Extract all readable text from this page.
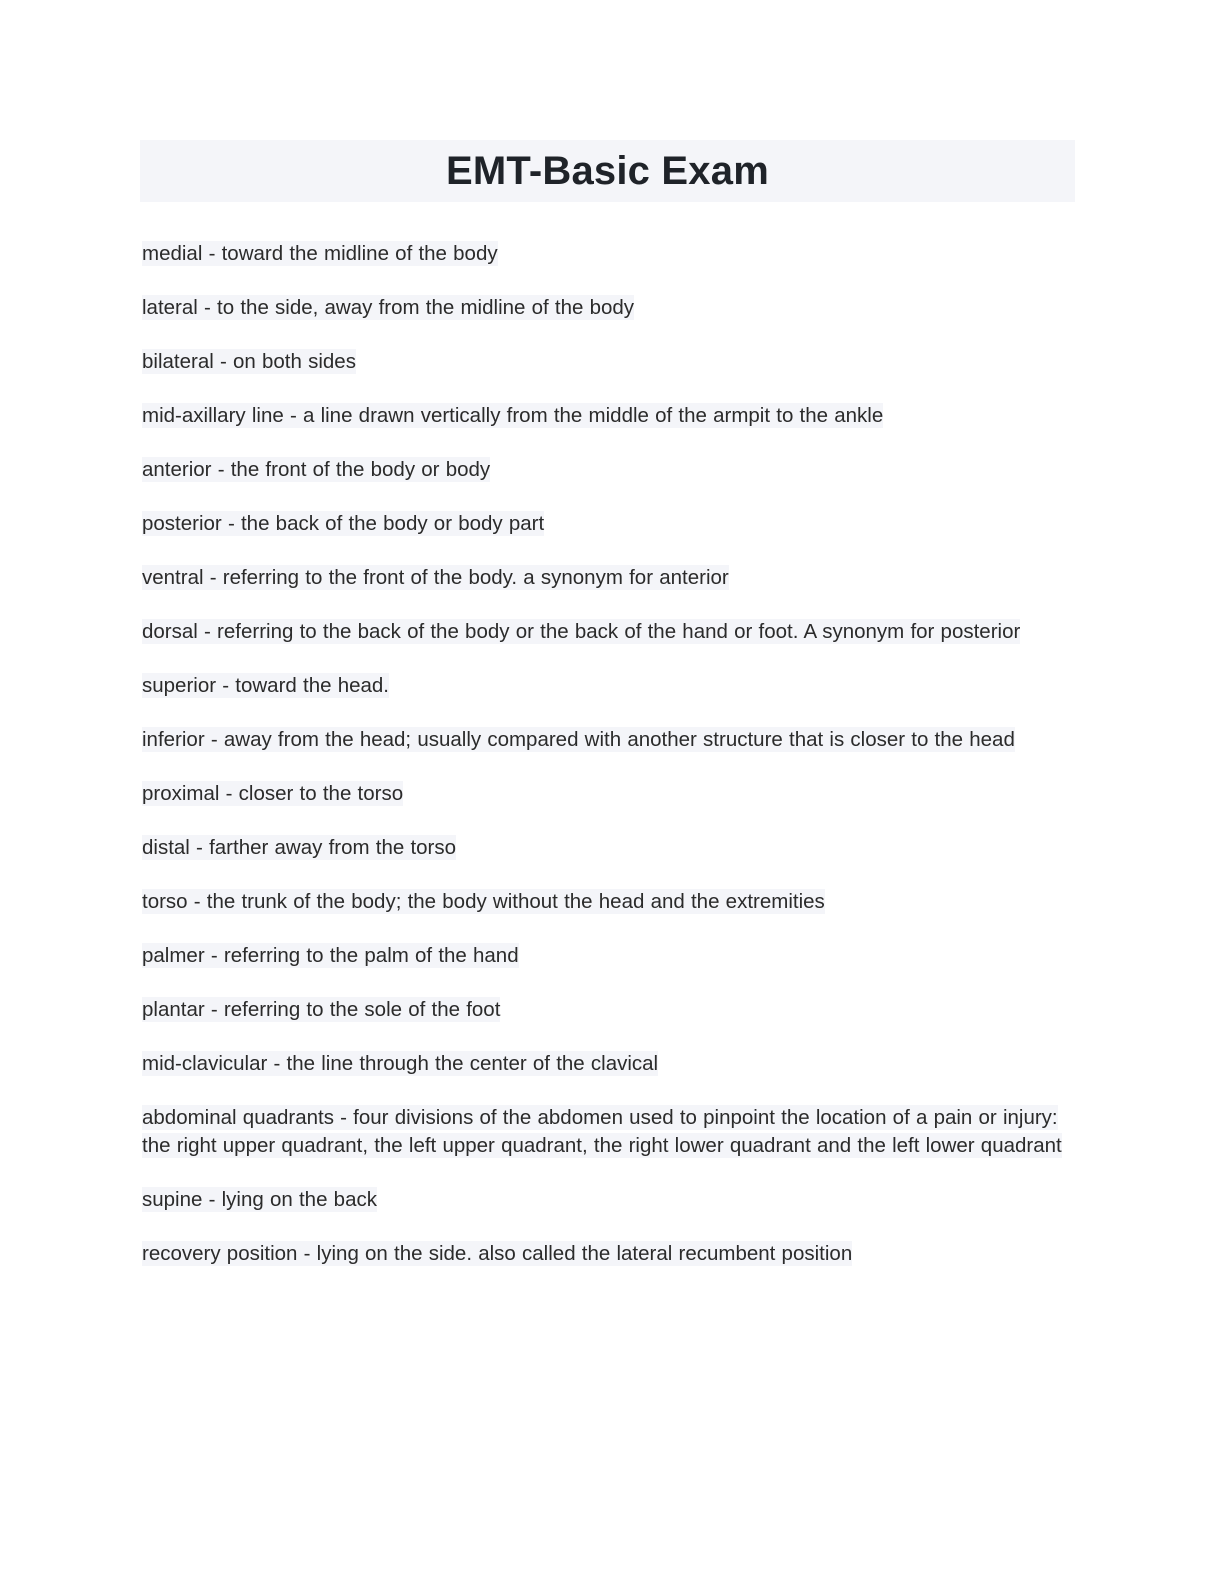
EMT-Basic Exam

medial - toward the midline of the body

lateral - to the side, away from the midline of the body

bilateral - on both sides

mid-axillary line - a line drawn vertically from the middle of the armpit to the ankle

anterior - the front of the body or body

posterior - the back of the body or body part

ventral - referring to the front of the body. a synonym for anterior

dorsal - referring to the back of the body or the back of the hand or foot. A synonym for posterior

superior - toward the head.

inferior - away from the head; usually compared with another structure that is closer to the head

proximal - closer to the torso

distal - farther away from the torso

torso - the trunk of the body; the body without the head and the extremities

palmer - referring to the palm of the hand

plantar - referring to the sole of the foot

mid-clavicular - the line through the center of the clavical

abdominal quadrants - four divisions of the abdomen used to pinpoint the location of a pain or injury: the right upper quadrant, the left upper quadrant, the right lower quadrant and the left lower quadrant

supine - lying on the back

recovery position - lying on the side. also called the lateral recumbent position
